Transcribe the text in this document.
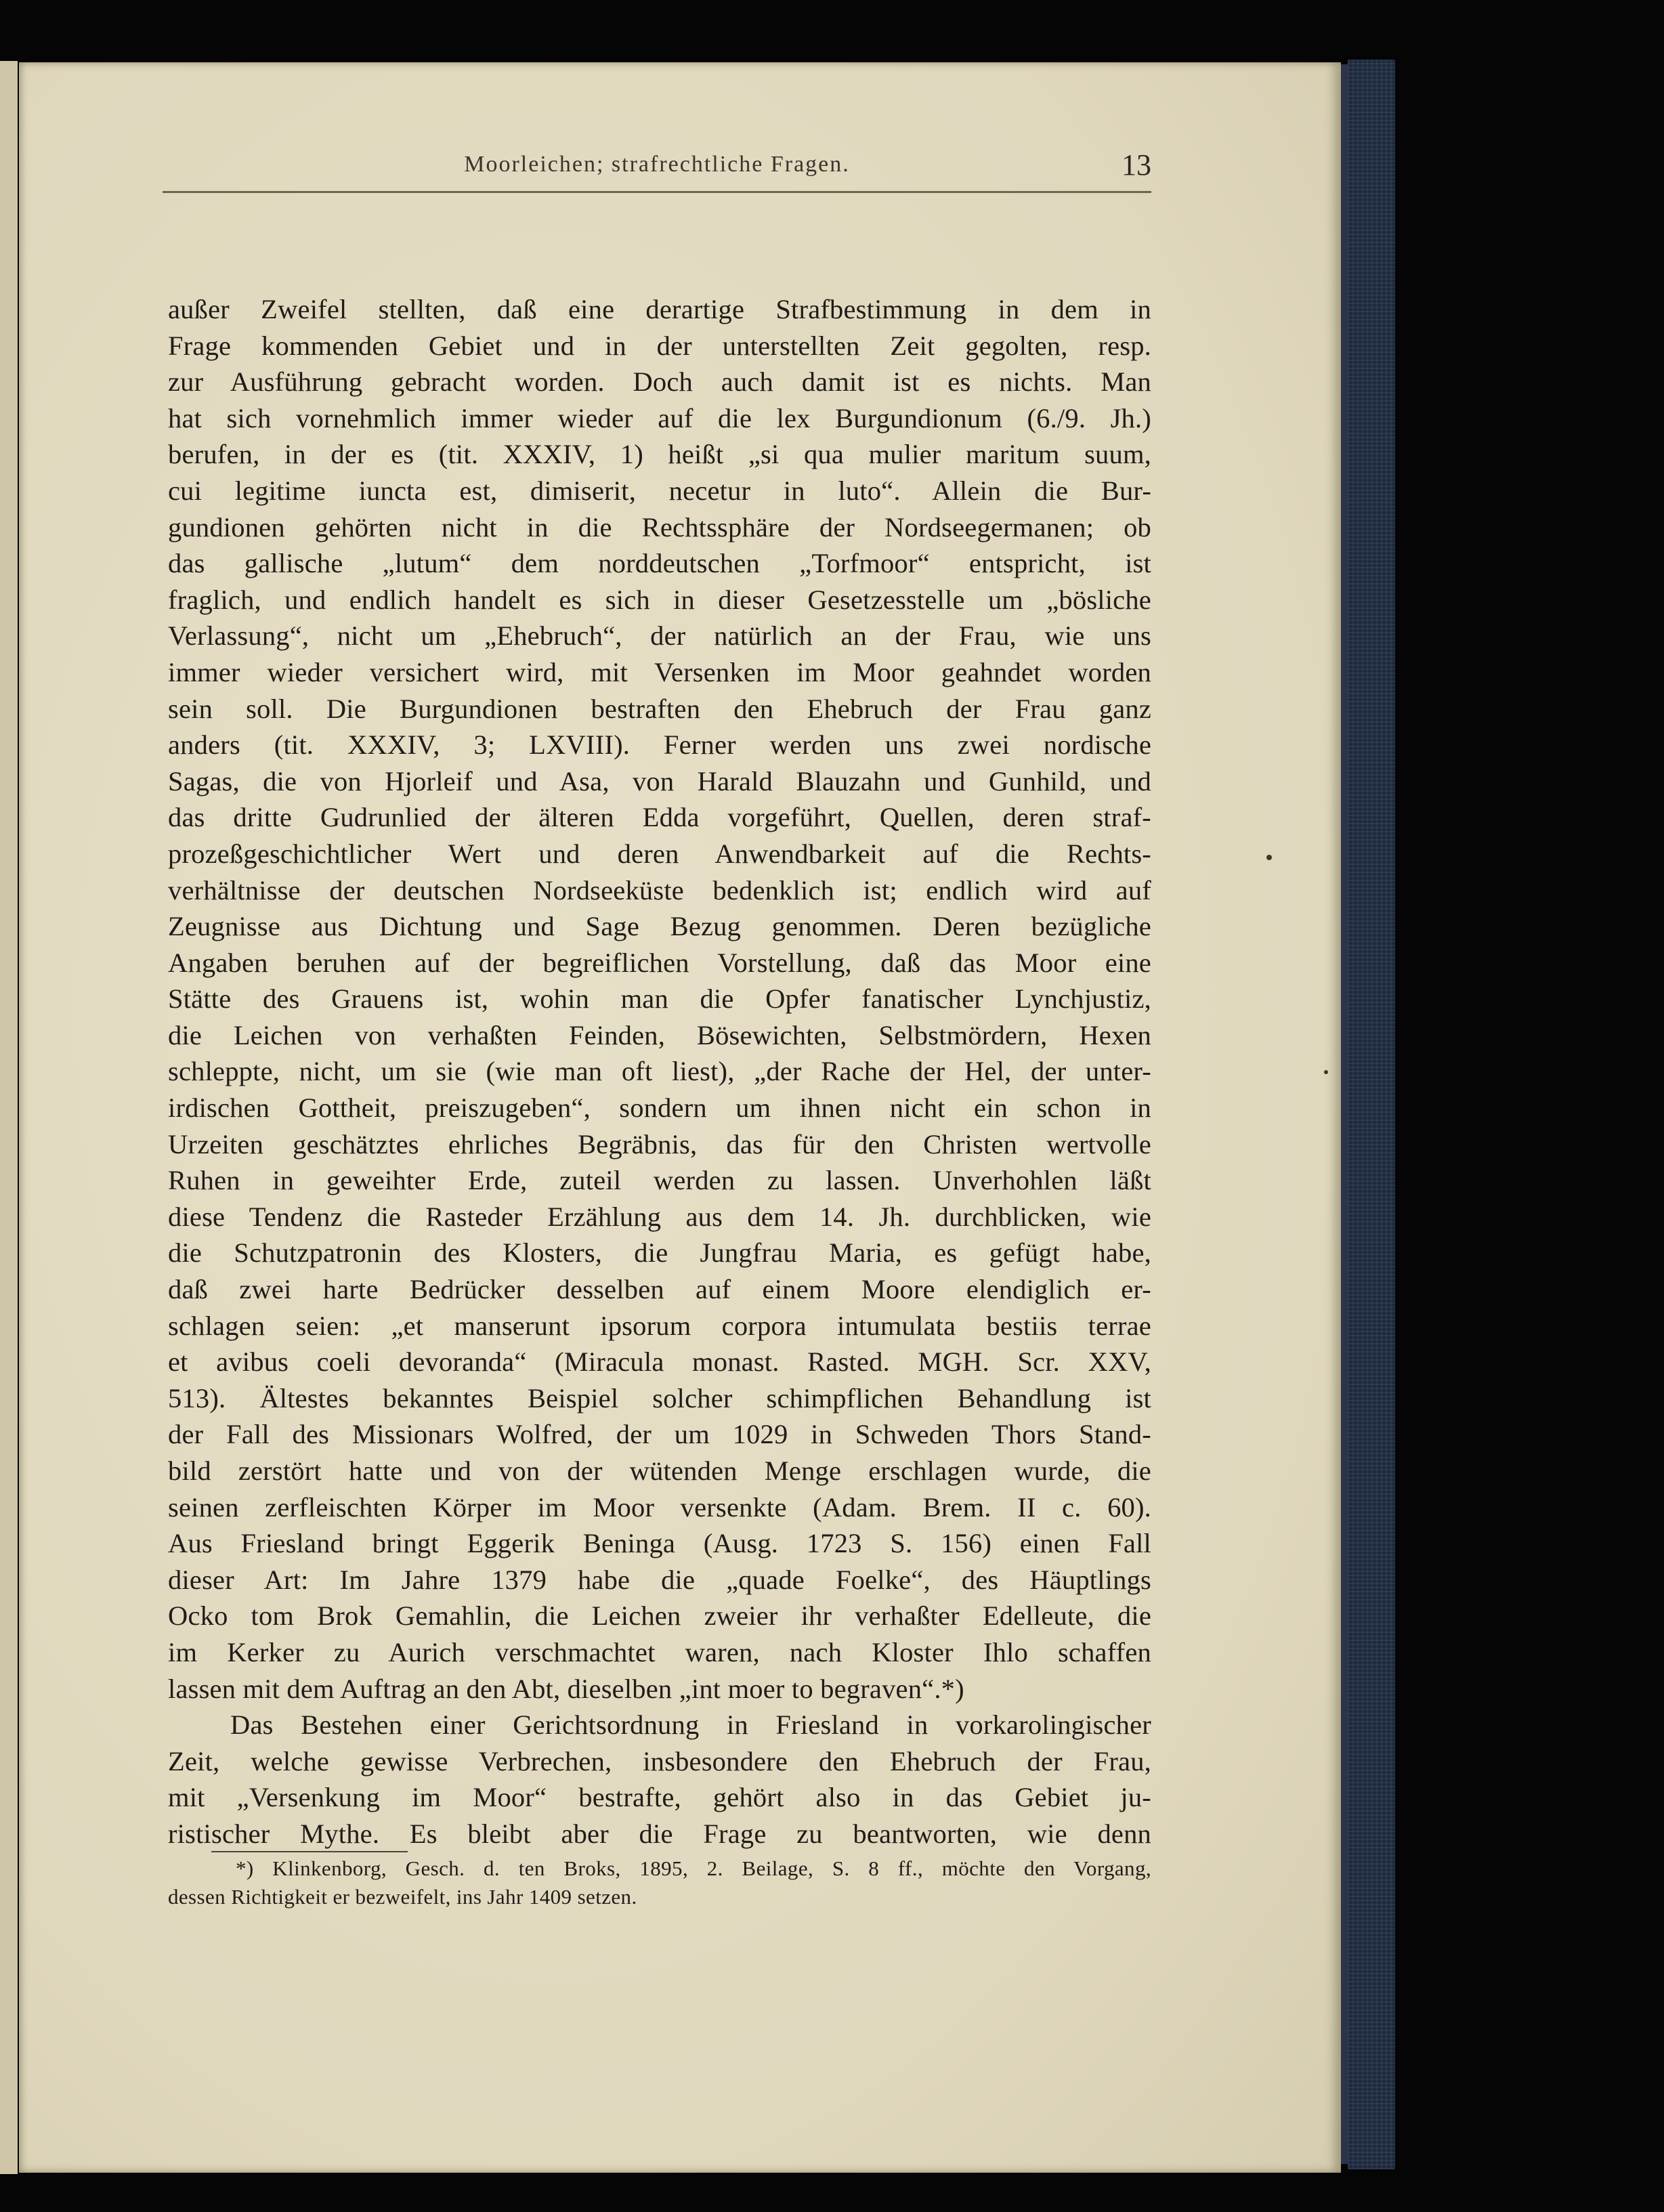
Moorleichen; strafrechtliche Fragen.	13
außer Zweifel stellten, daß eine derartige Strafbestimmung in dem in
Frage kommenden Gebiet und in der unterstellten Zeit gegolten, resp.
zur Ausführung gebracht worden. Doch auch damit ist es nichts. Man
hat sich vornehmlich immer wieder auf die lex Burgundionum (6./9. Jh.)
berufen, in der es (tit. XXXIV, 1) heißt „si qua mulier maritum suum,
cui legitime iuncta est, dimiserit, necetur in luto“. Allein die Bur-
gundionen gehörten nicht in die Rechtssphäre der Nordseegermanen; ob
das gallische „lutum“ dem norddeutschen „Torfmoor“ entspricht, ist
fraglich, und endlich handelt es sich in dieser Gesetzesstelle um „bösliche
Verlassung“, nicht um „Ehebruch“, der natürlich an der Frau, wie uns
immer wieder versichert wird, mit Versenken im Moor geahndet worden
sein soll. Die Burgundionen bestraften den Ehebruch der Frau ganz
anders (tit. XXXIV, 3; LXVIII). Ferner werden uns zwei nordische
Sagas, die von Hjorleif und Asa, von Harald Blauzahn und Gunhild, und
das dritte Gudrunlied der älteren Edda vorgeführt, Quellen, deren straf-
prozeßgeschichtlicher Wert und deren Anwendbarkeit auf die Rechts-
verhältnisse der deutschen Nordseeküste bedenklich ist; endlich wird auf
Zeugnisse aus Dichtung und Sage Bezug genommen. Deren bezügliche
Angaben beruhen auf der begreiflichen Vorstellung, daß das Moor eine
Stätte des Grauens ist, wohin man die Opfer fanatischer Lynchjustiz,
die Leichen von verhaßten Feinden, Bösewichten, Selbstmördern, Hexen
schleppte, nicht, um sie (wie man oft liest), „der Rache der Hel, der unter-
irdischen Gottheit, preiszugeben“, sondern um ihnen nicht ein schon in
Urzeiten geschätztes ehrliches Begräbnis, das für den Christen wertvolle
Ruhen in geweihter Erde, zuteil werden zu lassen. Unverhohlen läßt
diese Tendenz die Rasteder Erzählung aus dem 14. Jh. durchblicken, wie
die Schutzpatronin des Klosters, die Jungfrau Maria, es gefügt habe,
daß zwei harte Bedrücker desselben auf einem Moore elendiglich er-
schlagen seien: „et manserunt ipsorum corpora intumulata bestiis terrae
et avibus coeli devoranda“ (Miracula monast. Rasted. MGH. Scr. XXV,
513). Ältestes bekanntes Beispiel solcher schimpflichen Behandlung ist
der Fall des Missionars Wolfred, der um 1029 in Schweden Thors Stand-
bild zerstört hatte und von der wütenden Menge erschlagen wurde, die
seinen zerfleischten Körper im Moor versenkte (Adam. Brem. II c. 60).
Aus Friesland bringt Eggerik Beninga (Ausg. 1723 S. 156) einen Fall
dieser Art: Im Jahre 1379 habe die „quade Foelke“, des Häuptlings
Ocko tom Brok Gemahlin, die Leichen zweier ihr verhaßter Edelleute, die
im Kerker zu Aurich verschmachtet waren, nach Kloster Ihlo schaffen
lassen mit dem Auftrag an den Abt, dieselben „int moer to begraven“.*)
Das Bestehen einer Gerichtsordnung in Friesland in vorkarolingischer
Zeit, welche gewisse Verbrechen, insbesondere den Ehebruch der Frau,
mit „Versenkung im Moor“ bestrafte, gehört also in das Gebiet ju-
ristischer Mythe. Es bleibt aber die Frage zu beantworten, wie denn
*) Klinkenborg, Gesch. d. ten Broks, 1895, 2. Beilage, S. 8 ff., möchte den Vorgang,
dessen Richtigkeit er bezweifelt, ins Jahr 1409 setzen.
